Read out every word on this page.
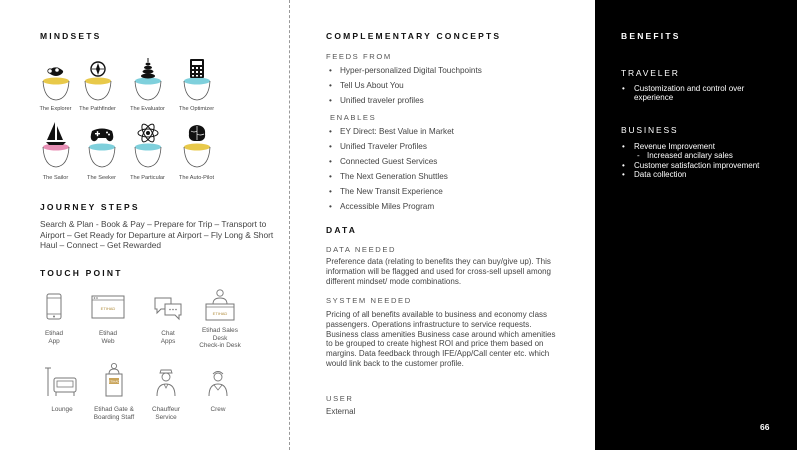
MINDSETS
The Explorer	The Pathfinder	The Evaluator	The Optimizer
The Sailor	The Seeker	The Particular	The Auto-Pilot
JOURNEY STEPS
Search & Plan - Book & Pay – Prepare for Trip – Transport to Airport – Get Ready for Departure at Airport – Fly Long & Short Haul – Connect – Get Rewarded
TOUCH POINT
Etihad
App
ETIHAD
Etihad
Web
Chat
Apps
ETIHAD
Etihad Sales
Desk
Check-in Desk
Lounge
ETIHAD
Etihad Gate &
Boarding Staff
Chauffeur
Service
Crew
COMPLEMENTARY CONCEPTS
FEEDS FROM
• Hyper-personalized Digital Touchpoints
• Tell Us About You
• Unified traveler profiles
ENABLES
• EY Direct: Best Value in Market
• Unified Traveler Profiles
• Connected Guest Services
• The Next Generation Shuttles
• The New Transit Experience
• Accessible Miles Program
DATA
DATA NEEDED
Preference data (relating to benefits they can buy/give up). This information will be flagged and used for cross-sell upsell among different mindset/ mode combinations.
SYSTEM NEEDED
Pricing of all benefits available to business and economy class passengers. Operations infrastructure to service requests. Business class amenities Business case around which amenities to be grouped to create highest ROI and price them based on margins. Data feedback through IFE/App/Call center etc. which would link back to the customer profile.
USER
External
BENEFITS
TRAVELER
• Customization and control over experience
BUSINESS
• Revenue Improvement
- Increased ancilary sales
• Customer satisfaction improvement
• Data collection
66
